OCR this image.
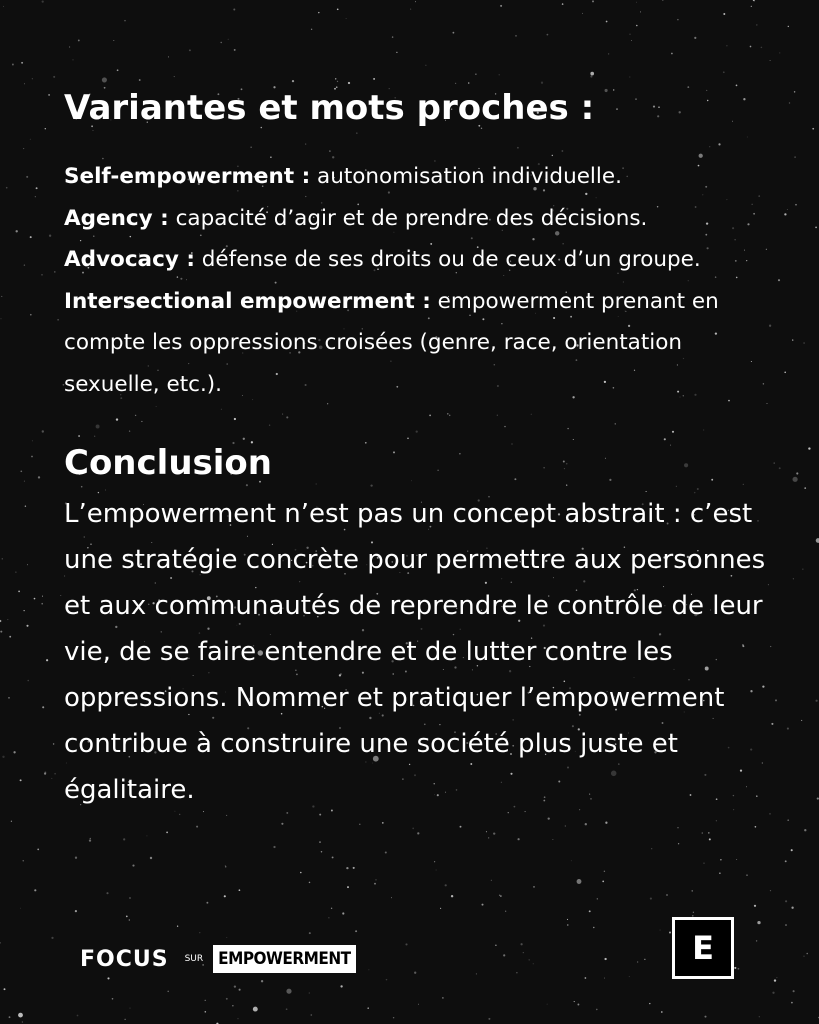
Variantes et mots proches :
Self-empowerment : autonomisation individuelle.
Agency : capacité d’agir et de prendre des décisions.
Advocacy : défense de ses droits ou de ceux d’un groupe.
Intersectional empowerment : empowerment prenant en compte les oppressions croisées (genre, race, orientation sexuelle, etc.).
Conclusion

L’empowerment n’est pas un concept abstrait : c’est une stratégie concrète pour permettre aux personnes et aux communautés de reprendre le contrôle de leur vie, de se faire entendre et de lutter contre les oppressions. Nommer et pratiquer l’empowerment contribue à construire une société plus juste et égalitaire.

FOCUS SUR EMPOWERMENT	E
